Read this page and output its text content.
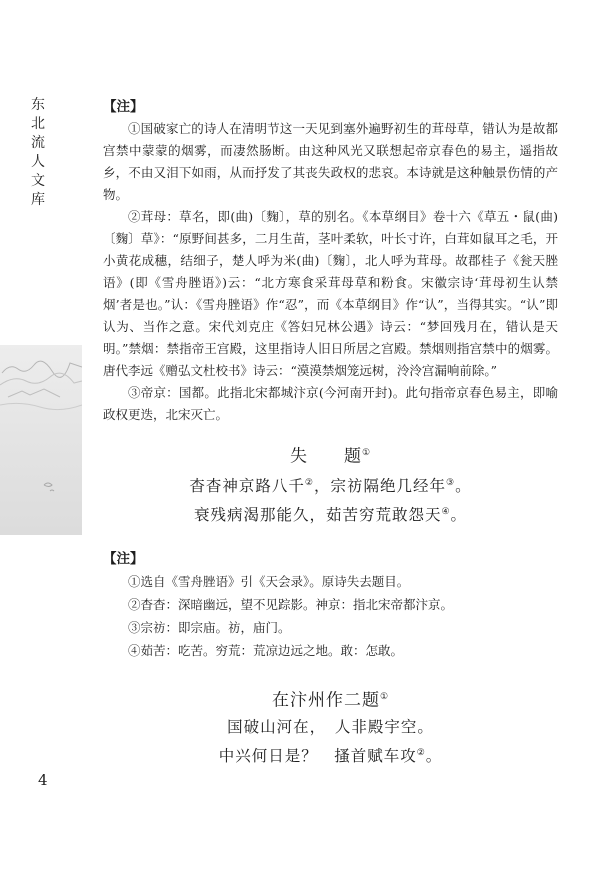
东
北
流
人
文
库
4

【注】

①国破家亡的诗人在清明节这一天见到塞外遍野初生的茸母草，错认为是故都宫禁中蒙蒙的烟雾，而凄然肠断。由这种风光又联想起帝京春色的易主，遥指故乡，不由又泪下如雨，从而抒发了其丧失政权的悲哀。本诗就是这种触景伤情的产物。

②茸母：草名，即(曲)〔麴〕，草的别名。《本草纲目》卷十六《草五・鼠(曲)〔麴〕草》：“原野间甚多，二月生苗，茎叶柔软，叶长寸许，白茸如鼠耳之毛，开小黄花成穗，结细子，楚人呼为米(曲)〔麴〕，北人呼为茸母。故郡桂子《瓮天脞语》(即《雪舟脞语》)云：“北方寒食采茸母草和粉食。宋徽宗诗‘茸母初生认禁烟’者是也。”认：《雪舟脞语》作“忍”，而《本草纲目》作“认”，当得其实。“认”即认为、当作之意。宋代刘克庄《答妇兄林公遇》诗云：“梦回残月在，错认是天明。”禁烟：禁指帝王宫殿，这里指诗人旧日所居之宫殿。禁烟则指宫禁中的烟雾。唐代李远《赠弘文杜校书》诗云：“漠漠禁烟笼远树，泠泠宫漏响前除。”

③帝京：国都。此指北宋都城汴京(今河南开封)。此句指帝京春色易主，即喻政权更迭，北宋灭亡。

失　　题①

杳杳神京路八千②，宗祊隔绝几经年③。

衰残病渴那能久，茹苦穷荒敢怨天④。

【注】

①选自《雪舟脞语》引《天会录》。原诗失去题目。

②杳杳：深暗幽远，望不见踪影。神京：指北宋帝都汴京。

③宗祊：即宗庙。祊，庙门。

④茹苦：吃苦。穷荒：荒凉边远之地。敢：怎敢。

在汴州作二题①

国破山河在，　人非殿宇空。

中兴何日是？　搔首赋车攻②。
